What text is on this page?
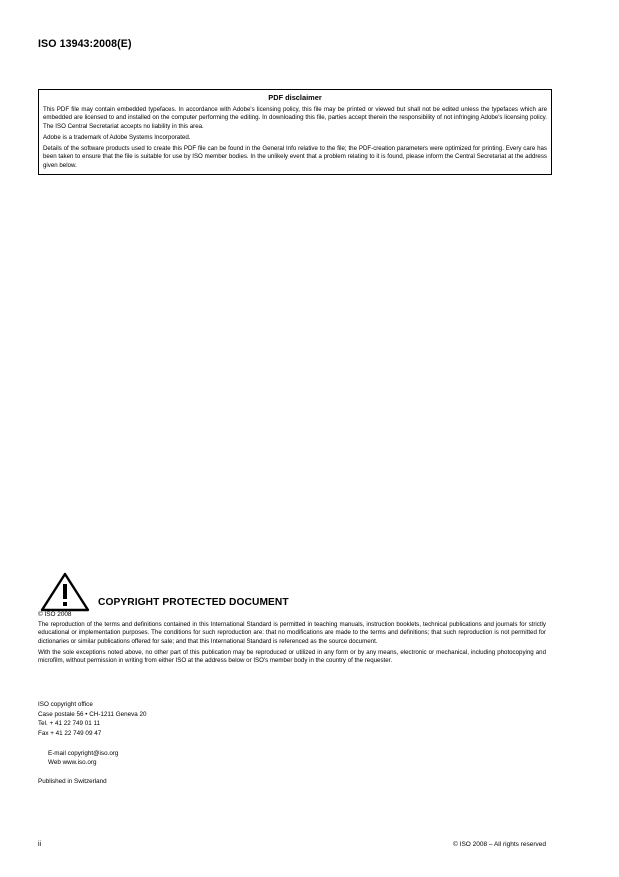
ISO 13943:2008(E)
PDF disclaimer

This PDF file may contain embedded typefaces. In accordance with Adobe's licensing policy, this file may be printed or viewed but shall not be edited unless the typefaces which are embedded are licensed to and installed on the computer performing the editing. In downloading this file, parties accept therein the responsibility of not infringing Adobe's licensing policy. The ISO Central Secretariat accepts no liability in this area.

Adobe is a trademark of Adobe Systems Incorporated.

Details of the software products used to create this PDF file can be found in the General Info relative to the file; the PDF-creation parameters were optimized for printing. Every care has been taken to ensure that the file is suitable for use by ISO member bodies. In the unlikely event that a problem relating to it is found, please inform the Central Secretariat at the address given below.

COPYRIGHT PROTECTED DOCUMENT
© ISO 2008

The reproduction of the terms and definitions contained in this International Standard is permitted in teaching manuals, instruction booklets, technical publications and journals for strictly educational or implementation purposes. The conditions for such reproduction are: that no modifications are made to the terms and definitions; that such reproduction is not permitted for dictionaries or similar publications offered for sale; and that this International Standard is referenced as the source document.

With the sole exceptions noted above, no other part of this publication may be reproduced or utilized in any form or by any means, electronic or mechanical, including photocopying and microfilm, without permission in writing from either ISO at the address below or ISO's member body in the country of the requester.

ISO copyright office
Case postale 56 • CH-1211 Geneva 20
Tel. + 41 22 749 01 11
Fax + 41 22 749 09 47
E-mail copyright@iso.org
Web www.iso.org
Published in Switzerland
ii	© ISO 2008 – All rights reserved
